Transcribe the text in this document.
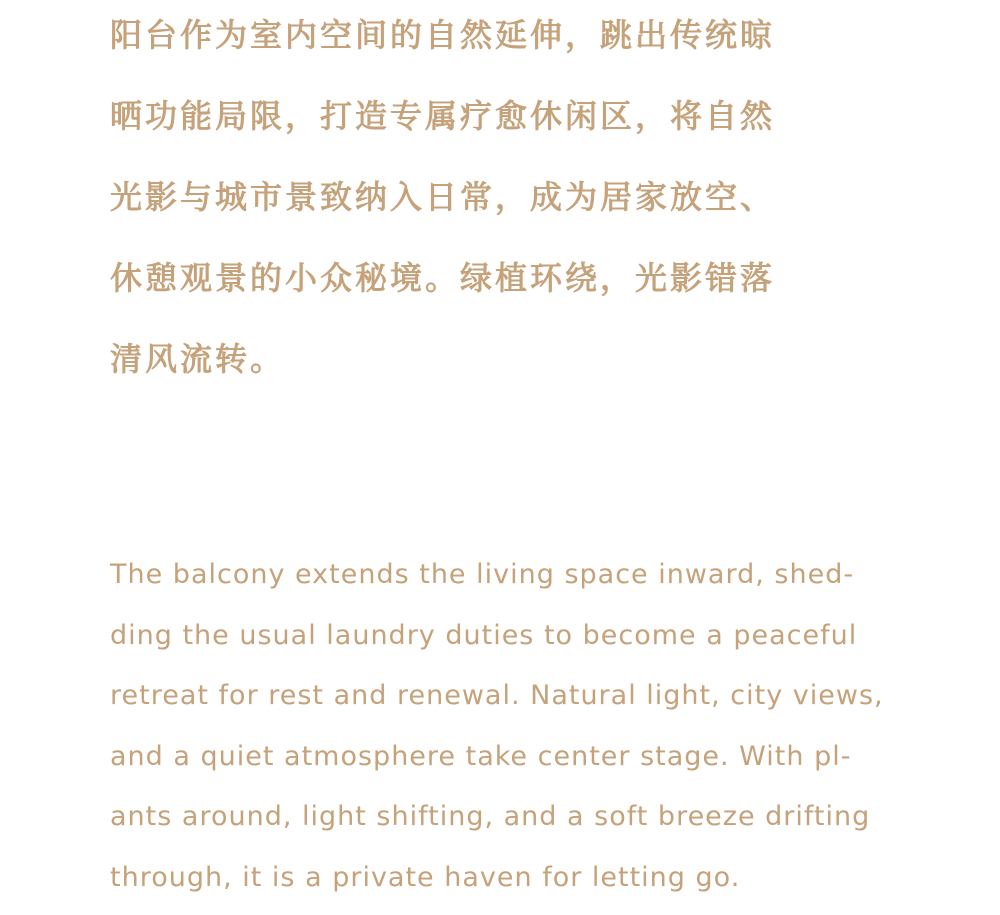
阳台作为室内空间的自然延伸，跳出传统晾
晒功能局限，打造专属疗愈休闲区，将自然
光影与城市景致纳入日常，成为居家放空、
休憩观景的小众秘境。绿植环绕，光影错落
清风流转。
The balcony extends the living space inward, shed-
ding the usual laundry duties to become a peaceful
retreat for rest and renewal. Natural light, city views,
and a quiet atmosphere take center stage. With pl-
ants around, light shifting, and a soft breeze drifting
through, it is a private haven for letting go.
